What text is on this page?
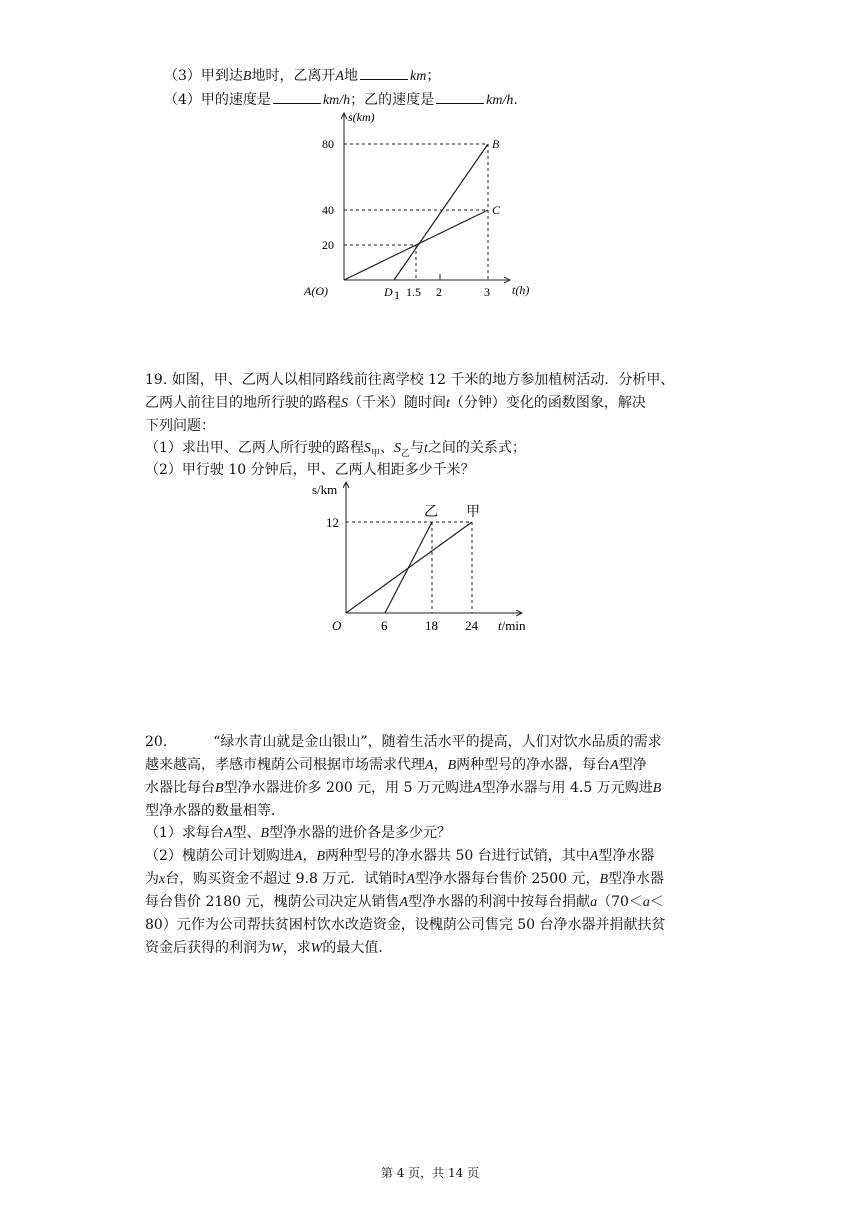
（3）甲到达B地时，乙离开A地	km；
（4）甲的速度是	km/h；乙的速度是	km/h.
s(km)
t(h)
80
40
20
A(O)	D 1 1.5 2	3
B
C
19. 如图，甲、乙两人以相同路线前往离学校 12 千米的地方参加植树活动．分析甲、
乙两人前往目的地所行驶的路程S（千米）随时间t（分钟）变化的函数图象，解决
下列问题：
（1）求出甲、乙两人所行驶的路程$S_甲$、$S_乙$与t之间的关系式；
（2）甲行驶 10 分钟后，甲、乙两人相距多少千米？
s/km
12
O	6	18 24 t/min
乙 甲
20.	“绿水青山就是金山银山”，随着生活水平的提高，人们对饮水品质的需求
越来越高，孝感市槐荫公司根据市场需求代理A，B两种型号的净水器，每台A型净
水器比每台B型净水器进价多 200 元，用 5 万元购进A型净水器与用 4.5 万元购进B
型净水器的数量相等．
（1）求每台A型、B型净水器的进价各是多少元？
（2）槐荫公司计划购进A，B两种型号的净水器共 50 台进行试销，其中A型净水器
为x台，购买资金不超过 9.8 万元．试销时A型净水器每台售价 2500 元，B型净水器
每台售价 2180 元，槐荫公司决定从销售A型净水器的利润中按每台捐献a（70＜a＜
80）元作为公司帮扶贫困村饮水改造资金，设槐荫公司售完 50 台净水器并捐献扶贫
资金后获得的利润为W，求W的最大值．
第 4 页，共 14 页
